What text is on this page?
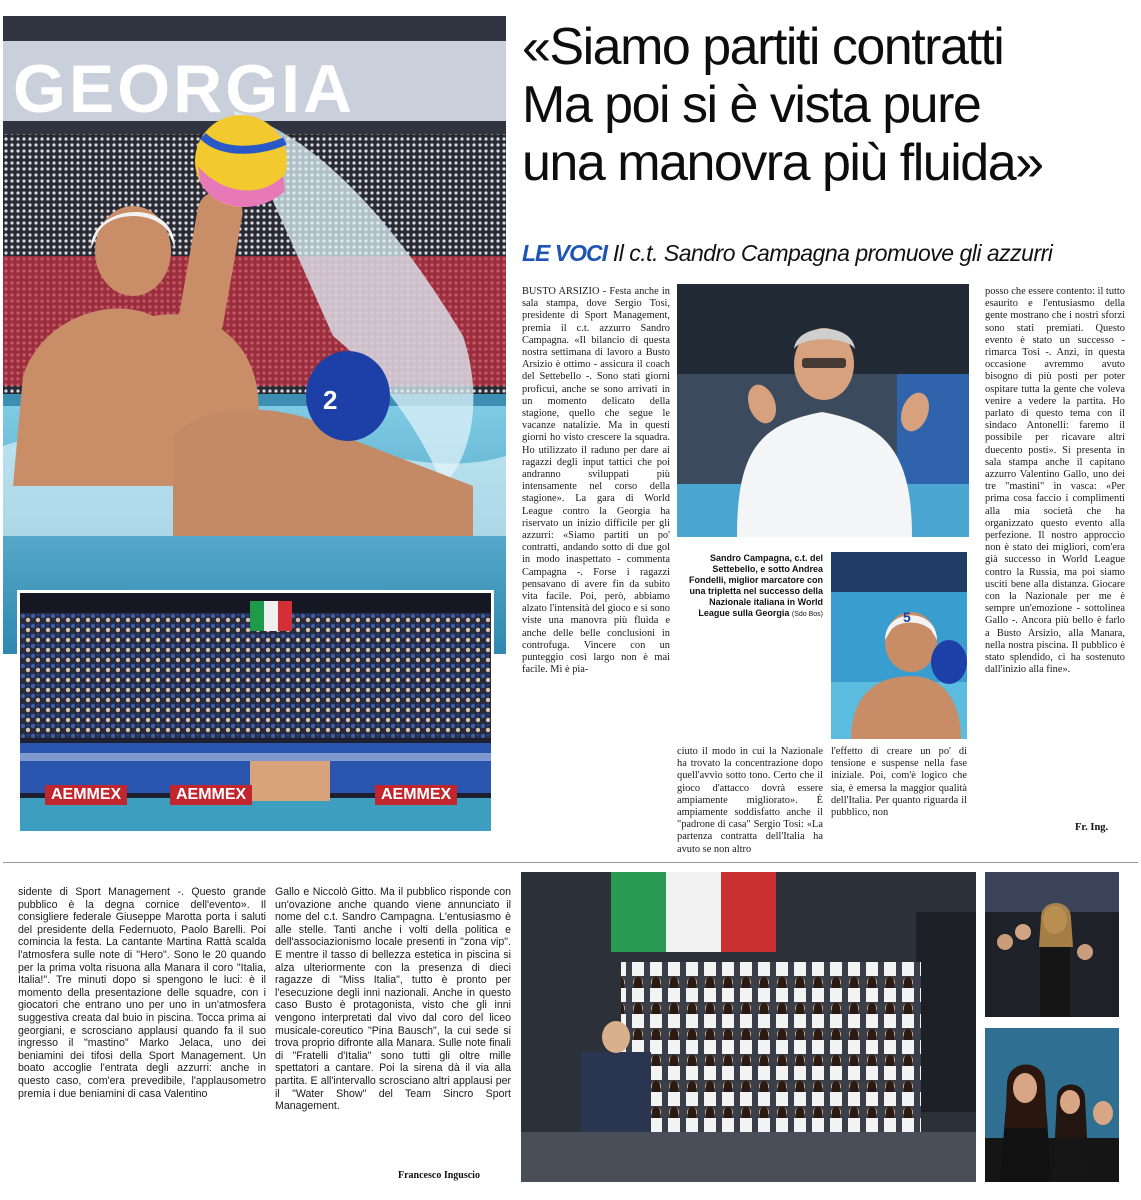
2
GEORGIA
AEMMEX	AEMMEX	AEMMEX
«Siamo partiti contratti
Ma poi si è vista pure
una manovra più fluida»
LE VOCI Il c.t. Sandro Campagna promuove gli azzurri
5
Sandro Campagna, c.t. del Settebello, e sotto Andrea Fondelli, miglior marcatore con una tripletta nel successo della Nazionale italiana in World League sulla Georgia (Sdo Bos)

BUSTO ARSIZIO - Festa anche in sala stampa, dove Sergio Tosi, presidente di Sport Management, premia il c.t. azzurro Sandro Campagna. «Il bilancio di questa nostra settimana di lavoro a Busto Arsizio è ottimo - assicura il coach del Settebello -. Sono stati giorni proficui, anche se sono arrivati in un momento delicato della stagione, quello che segue le vacanze natalizie. Ma in questi giorni ho visto crescere la squadra. Ho utilizzato il raduno per dare ai ragazzi degli input tattici che poi andranno sviluppati più intensamente nel corso della stagione». La gara di World League contro la Georgia ha riservato un inizio difficile per gli azzurri: «Siamo partiti un po' contratti, andando sotto di due gol in modo inaspettato - commenta Campagna -. Forse i ragazzi pensavano di avere fin da subito vita facile. Poi, però, abbiamo alzato l'intensità del gioco e si sono viste una manovra più fluida e anche delle belle conclusioni in controfuga. Vincere con un punteggio così largo non è mai facile. Mi è pia-

ciuto il modo in cui la Nazionale ha trovato la concentrazione dopo quell'avvio sotto tono. Certo che il gioco d'attacco dovrà essere ampiamente migliorato». È ampiamente soddisfatto anche il "padrone di casa" Sergio Tosi: «La partenza contratta dell'Italia ha avuto se non altro

l'effetto di creare un po' di tensione e suspense nella fase iniziale. Poi, com'è logico che sia, è emersa la maggior qualità dell'Italia. Per quanto riguarda il pubblico, non

posso che essere contento: il tutto esaurito e l'entusiasmo della gente mostrano che i nostri sforzi sono stati premiati. Questo evento è stato un successo - rimarca Tosi -. Anzi, in questa occasione avremmo avuto bisogno di più posti per poter ospitare tutta la gente che voleva venire a vedere la partita. Ho parlato di questo tema con il sindaco Antonelli: faremo il possibile per ricavare altri duecento posti». Si presenta in sala stampa anche il capitano azzurro Valentino Gallo, uno dei tre "mastini" in vasca: «Per prima cosa faccio i complimenti alla mia società che ha organizzato questo evento alla perfezione. Il nostro approccio non è stato dei migliori, com'era già successo in World League contro la Russia, ma poi siamo usciti bene alla distanza. Giocare con la Nazionale per me è sempre un'emozione - sottolinea Gallo -. Ancora più bello è farlo a Busto Arsizio, alla Manara, nella nostra piscina. Il pubblico è stato splendido, ci ha sostenuto dall'inizio alla fine».

Fr. Ing.

sidente di Sport Management -. Questo grande pubblico è la degna cornice dell'evento». Il consigliere federale Giuseppe Marotta porta i saluti del presidente della Federnuoto, Paolo Barelli. Poi comincia la festa. La cantante Martina Rattà scalda l'atmosfera sulle note di "Hero". Sono le 20 quando per la prima volta risuona alla Manara il coro "Italia, Italia!". Tre minuti dopo si spengono le luci: è il momento della presentazione delle squadre, con i giocatori che entrano uno per uno in un'atmosfera suggestiva creata dal buio in piscina. Tocca prima ai georgiani, e scrosciano applausi quando fa il suo ingresso il "mastino" Marko Jelaca, uno dei beniamini dei tifosi della Sport Management. Un boato accoglie l'entrata degli azzurri: anche in questo caso, com'era prevedibile, l'applausometro premia i due beniamini di casa Valentino

Gallo e Niccolò Gitto. Ma il pubblico risponde con un'ovazione anche quando viene annunciato il nome del c.t. Sandro Campagna. L'entusiasmo è alle stelle. Tanti anche i volti della politica e dell'associazionismo locale presenti in "zona vip". E mentre il tasso di bellezza estetica in piscina si alza ulteriormente con la presenza di dieci ragazze di "Miss Italia", tutto è pronto per l'esecuzione degli inni nazionali. Anche in questo caso Busto è protagonista, visto che gli inni vengono interpretati dal vivo dal coro del liceo musicale-coreutico "Pina Bausch", la cui sede si trova proprio difronte alla Manara. Sulle note finali di "Fratelli d'Italia" sono tutti gli oltre mille spettatori a cantare. Poi la sirena dà il via alla partita. E all'intervallo scrosciano altri applausi per il "Water Show" del Team Sincro Sport Management.

Francesco Inguscio
